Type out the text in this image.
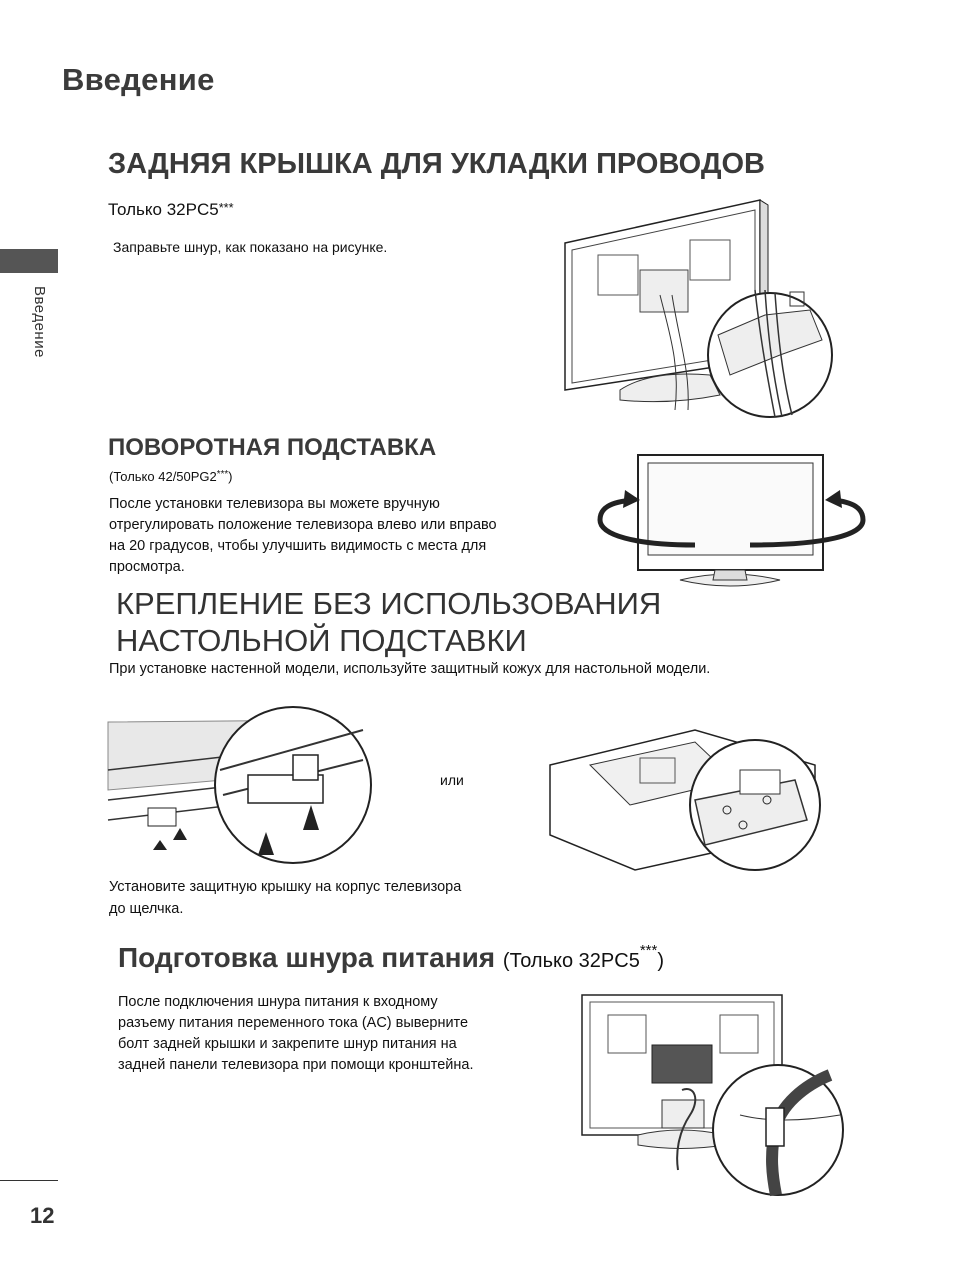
Введение
Введение
ЗАДНЯЯ КРЫШКА ДЛЯ УКЛАДКИ ПРОВОДОВ
Только 32PC5***
Заправьте шнур, как показано на рисунке.
ПОВОРОТНАЯ ПОДСТАВКА
(Только 42/50PG2***)
После установки телевизора вы можете вручную отрегулировать положение телевизора влево или вправо на 20 градусов, чтобы улучшить видимость с места для просмотра.
КРЕПЛЕНИЕ БЕЗ ИСПОЛЬЗОВАНИЯ
НАСТОЛЬНОЙ ПОДСТАВКИ
При установке настенной модели, используйте защитный кожух для настольной модели.
или
Установите защитную крышку на корпус телевизора до щелчка.
Подготовка шнура питания (Только 32PC5***)
После подключения шнура питания к входному разъему питания переменного тока (AC) выверните болт задней крышки и закрепите шнур питания на задней панели телевизора при помощи кронштейна.
12
